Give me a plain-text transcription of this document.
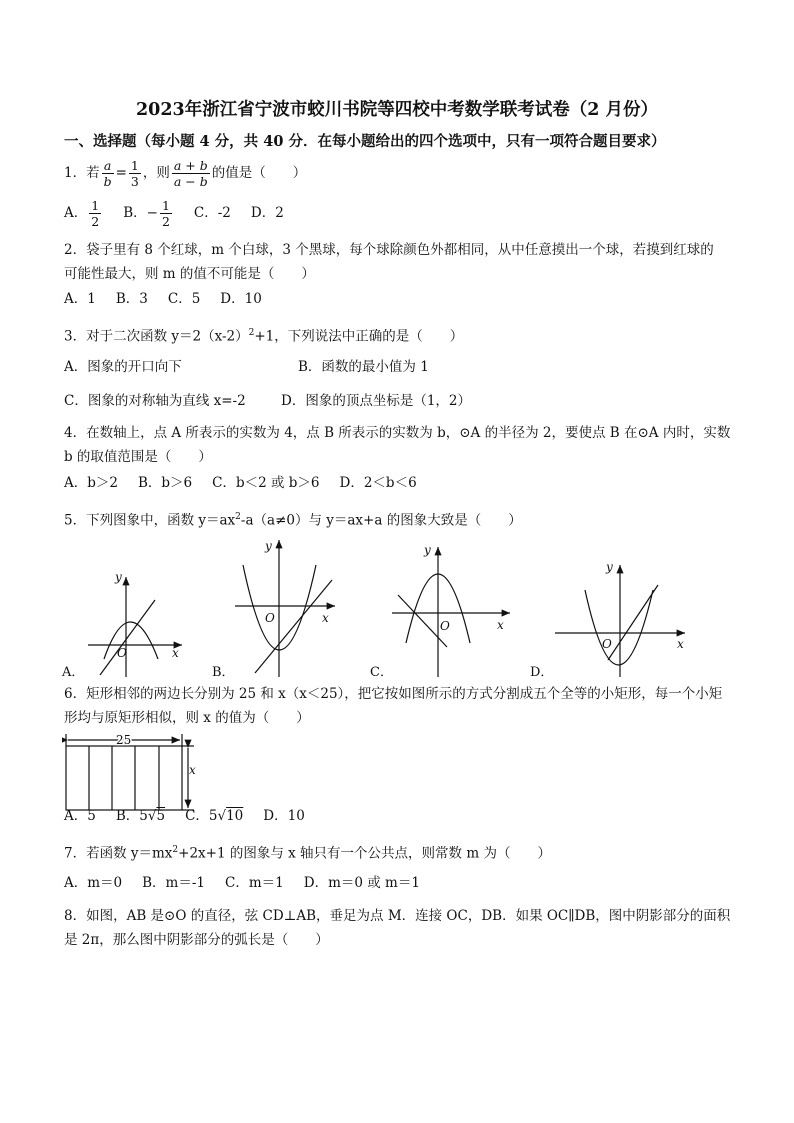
2023年浙江省宁波市蛟川书院等四校中考数学联考试卷（2 月份）
一、选择题（每小题 4 分，共 40 分．在每小题给出的四个选项中，只有一项符合题目要求）
1．若 $\frac{a}{b} = \frac{1}{3}$ ，则 $\frac{a + b}{a - b}$ 的值是（　　）
A． $\frac{1}{2}$ B．− $\frac{1}{2}$ C．-2 D．2
2．袋子里有 8 个红球，m 个白球，3 个黑球，每个球除颜色外都相同，从中任意摸出一个球，若摸到红球的
可能性最大，则 m 的值不可能是（　　）
A．1 B．3 C．5 D．10
3．对于二次函数 $y=2(x-2)^2+1$，下列说法中正确的是（　　）
A．图象的开口向下	B．函数的最小值为 1
C．图象的对称轴为直线 x=-2	D．图象的顶点坐标是（1，2）
4．在数轴上，点 A 所表示的实数为 4，点 B 所表示的实数为 b，⊙A 的半径为 2，要使点 B 在⊙A 内时，实数
b 的取值范围是（　　）
A．b＞2 B．b＞6 C．b＜2 或 b＞6 D．2＜b＜6
5．下列图象中，函数 $y=ax^2-a(a\ne 0)$与 y＝ax+a 的图象大致是（　　）
y
x
O
y
x
O
y
x
O
y
x
O
A．	B．	C．	D．
6．矩形相邻的两边长分别为 25 和 x（x＜25），把它按如图所示的方式分割成五个全等的小矩形，每一个小矩
形均与原矩形相似，则 x 的值为（　　）
25
x
A．5 B．5√5 C．5√10 D．10
7．若函数 $y=mx^2+2x+1$ 的图象与 x 轴只有一个公共点，则常数 m 为（　　）
A．m＝0 B．m＝-1 C．m＝1 D．m＝0 或 m＝1
8．如图，AB 是⊙O 的直径，弦 CD⊥AB，垂足为点 M．连接 OC，DB．如果 OC∥DB，图中阴影部分的面积
是 2π，那么图中阴影部分的弧长是（　　）
